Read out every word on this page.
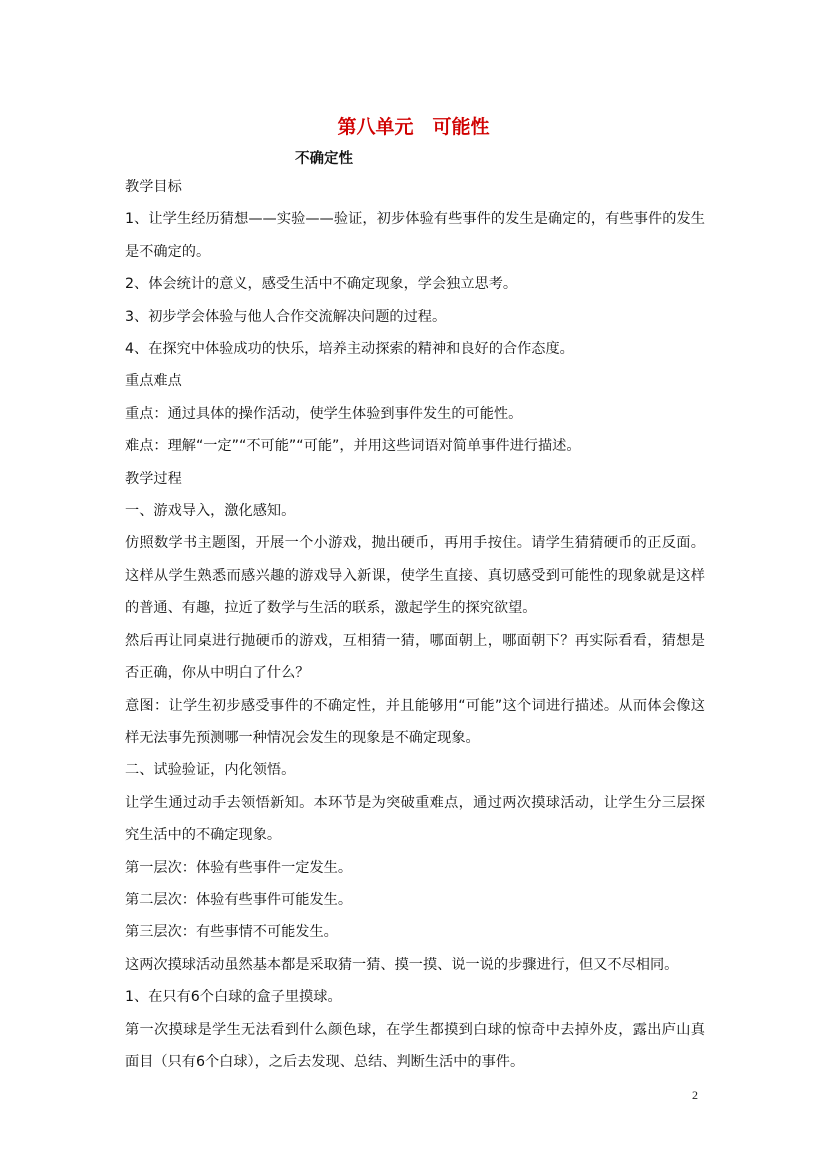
第八单元　可能性
不确定性

教学目标

1、让学生经历猜想——实验——验证，初步体验有些事件的发生是确定的，有些事件的发生是不确定的。

2、体会统计的意义，感受生活中不确定现象，学会独立思考。

3、初步学会体验与他人合作交流解决问题的过程。

4、在探究中体验成功的快乐，培养主动探索的精神和良好的合作态度。

重点难点

重点：通过具体的操作活动，使学生体验到事件发生的可能性。

难点：理解“一定”“不可能”“可能”，并用这些词语对简单事件进行描述。

教学过程

一、游戏导入，激化感知。

仿照数学书主题图，开展一个小游戏，抛出硬币，再用手按住。请学生猜猜硬币的正反面。这样从学生熟悉而感兴趣的游戏导入新课，使学生直接、真切感受到可能性的现象就是这样的普通、有趣，拉近了数学与生活的联系，激起学生的探究欲望。

然后再让同桌进行抛硬币的游戏，互相猜一猜，哪面朝上，哪面朝下？再实际看看，猜想是否正确，你从中明白了什么？

意图：让学生初步感受事件的不确定性，并且能够用“可能”这个词进行描述。从而体会像这样无法事先预测哪一种情况会发生的现象是不确定现象。

二、试验验证，内化领悟。

让学生通过动手去领悟新知。本环节是为突破重难点，通过两次摸球活动，让学生分三层探究生活中的不确定现象。

第一层次：体验有些事件一定发生。

第二层次：体验有些事件可能发生。

第三层次：有些事情不可能发生。

这两次摸球活动虽然基本都是采取猜一猜、摸一摸、说一说的步骤进行，但又不尽相同。

1、在只有6个白球的盒子里摸球。

第一次摸球是学生无法看到什么颜色球，在学生都摸到白球的惊奇中去掉外皮，露出庐山真面目（只有6个白球），之后去发现、总结、判断生活中的事件。

2
